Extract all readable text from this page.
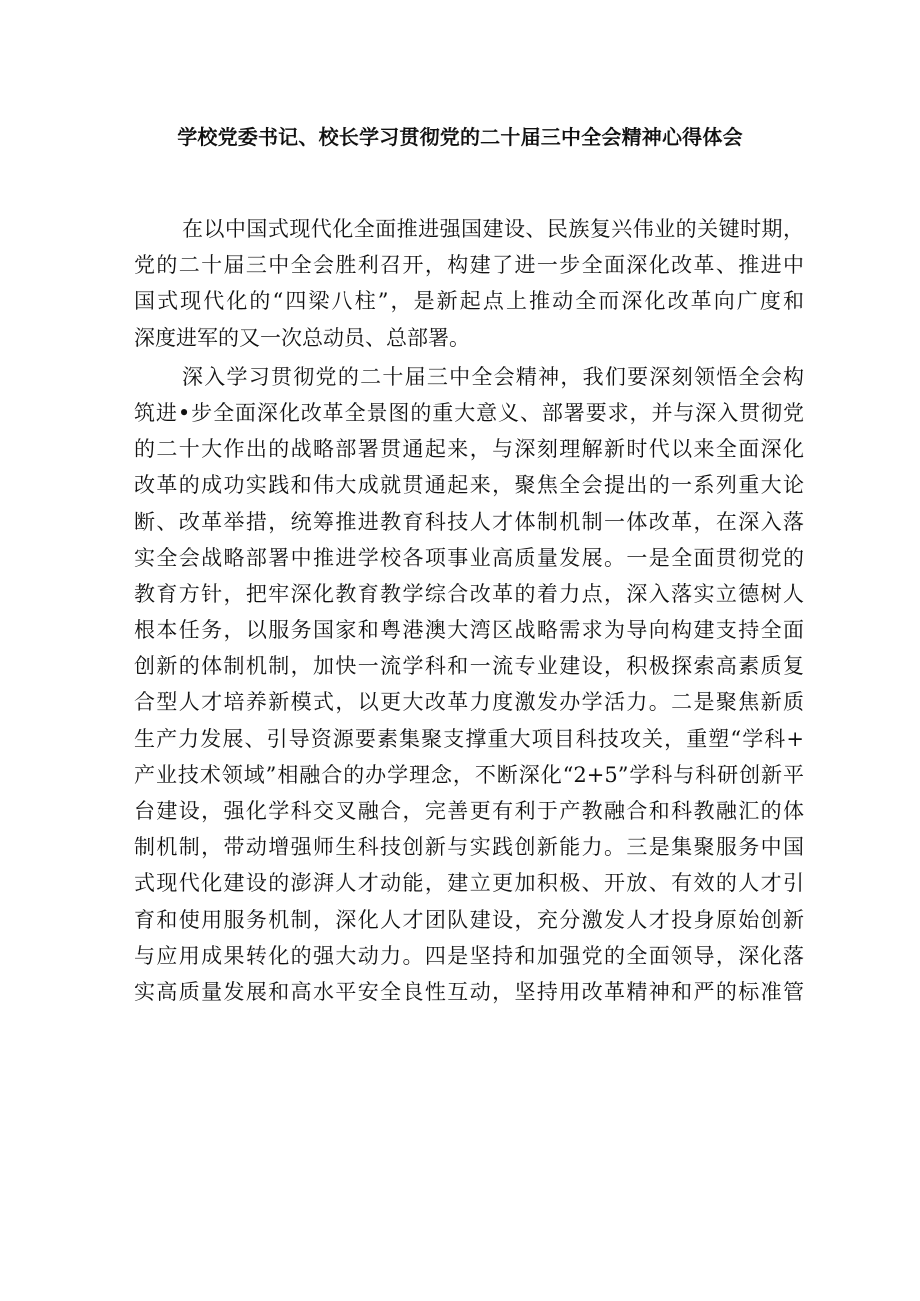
学校党委书记、校长学习贯彻党的二十届三中全会精神心得体会
在以中国式现代化全面推进强国建设、民族复兴伟业的关键时期，
党的二十届三中全会胜利召开，构建了进一步全面深化改革、推进中
国式现代化的“四梁八柱”，是新起点上推动全而深化改革向广度和
深度进军的又一次总动员、总部署。
深入学习贯彻党的二十届三中全会精神，我们要深刻领悟全会构
筑进•步全面深化改革全景图的重大意义、部署要求，并与深入贯彻党
的二十大作出的战略部署贯通起来，与深刻理解新时代以来全面深化
改革的成功实践和伟大成就贯通起来，聚焦全会提出的一系列重大论
断、改革举措，统筹推进教育科技人才体制机制一体改革，在深入落
实全会战略部署中推进学校各项事业高质量发展。一是全面贯彻党的
教育方针，把牢深化教育教学综合改革的着力点，深入落实立德树人
根本任务，以服务国家和粤港澳大湾区战略需求为导向构建支持全面
创新的体制机制，加快一流学科和一流专业建设，积极探索高素质复
合型人才培养新模式，以更大改革力度激发办学活力。二是聚焦新质
生产力发展、引导资源要素集聚支撑重大项目科技攻关，重塑“学科+
产业技术领域”相融合的办学理念，不断深化“2+5”学科与科研创新平
台建设，强化学科交叉融合，完善更有利于产教融合和科教融汇的体
制机制，带动增强师生科技创新与实践创新能力。三是集聚服务中国
式现代化建设的澎湃人才动能，建立更加积极、开放、有效的人才引
育和使用服务机制，深化人才团队建设，充分激发人才投身原始创新
与应用成果转化的强大动力。四是坚持和加强党的全面领导，深化落
实高质量发展和高水平安全良性互动，坚持用改革精神和严的标准管
